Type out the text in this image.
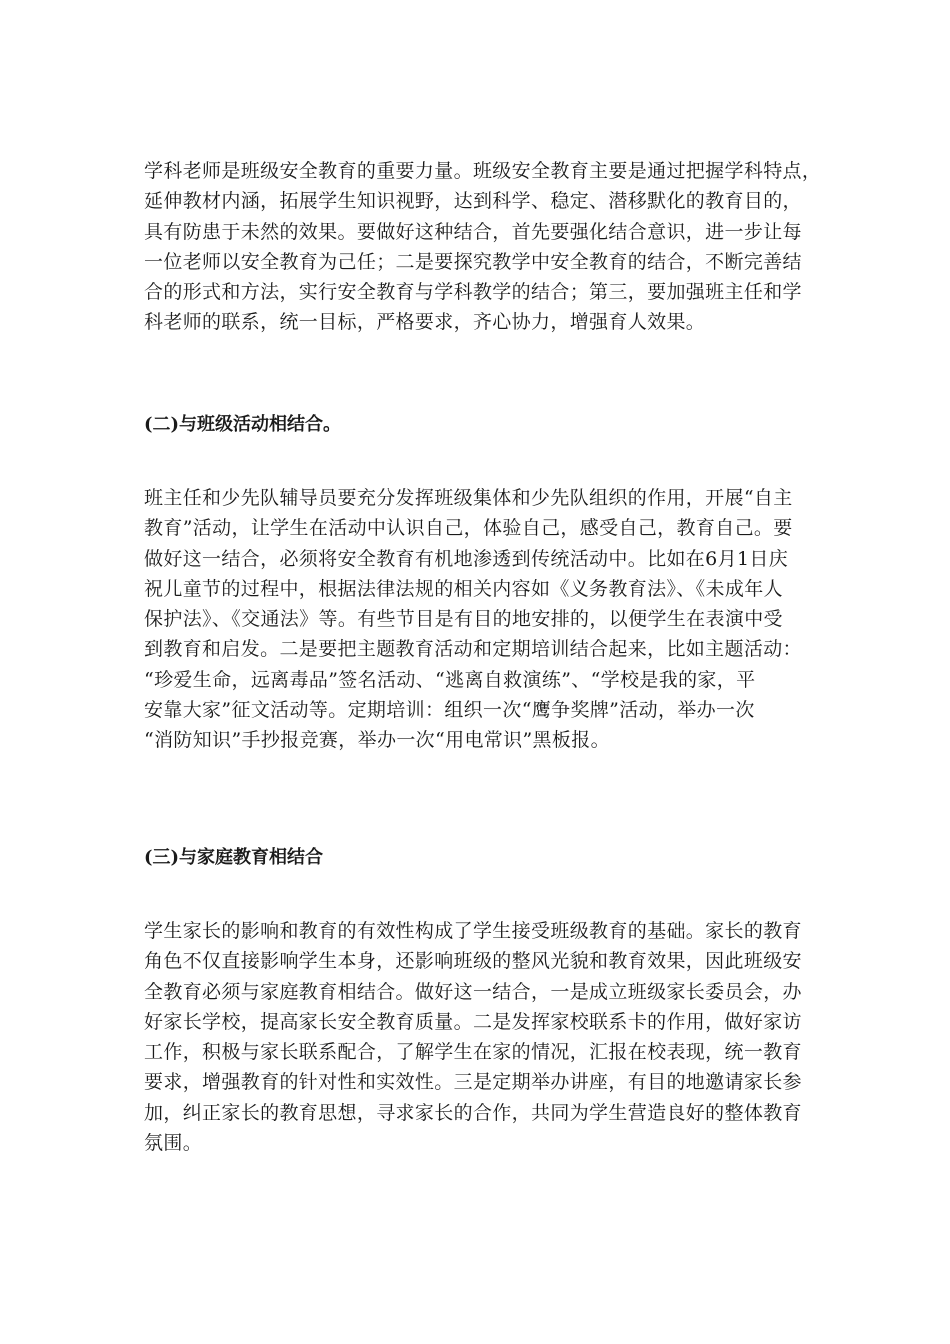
学科老师是班级安全教育的重要力量。班级安全教育主要是通过把握学科特点，
延伸教材内涵，拓展学生知识视野，达到科学、稳定、潜移默化的教育目的，
具有防患于未然的效果。要做好这种结合，首先要强化结合意识，进一步让每
一位老师以安全教育为己任；二是要探究教学中安全教育的结合，不断完善结
合的形式和方法，实行安全教育与学科教学的结合；第三，要加强班主任和学
科老师的联系，统一目标，严格要求，齐心协力，增强育人效果。

(二)与班级活动相结合。

班主任和少先队辅导员要充分发挥班级集体和少先队组织的作用，开展“自主
教育”活动，让学生在活动中认识自己，体验自己，感受自己，教育自己。要
做好这一结合，必须将安全教育有机地渗透到传统活动中。比如在6月1日庆
祝儿童节的过程中，根据法律法规的相关内容如《义务教育法》、《未成年人
保护法》、《交通法》等。有些节目是有目的地安排的，以便学生在表演中受
到教育和启发。二是要把主题教育活动和定期培训结合起来，比如主题活动：
“珍爱生命，远离毒品”签名活动、“逃离自救演练”、“学校是我的家，平
安靠大家”征文活动等。定期培训：组织一次“鹰争奖牌”活动，举办一次
“消防知识”手抄报竞赛，举办一次“用电常识”黑板报。

(三)与家庭教育相结合

学生家长的影响和教育的有效性构成了学生接受班级教育的基础。家长的教育
角色不仅直接影响学生本身，还影响班级的整风光貌和教育效果，因此班级安
全教育必须与家庭教育相结合。做好这一结合，一是成立班级家长委员会，办
好家长学校，提高家长安全教育质量。二是发挥家校联系卡的作用，做好家访
工作，积极与家长联系配合，了解学生在家的情况，汇报在校表现，统一教育
要求，增强教育的针对性和实效性。三是定期举办讲座，有目的地邀请家长参
加，纠正家长的教育思想，寻求家长的合作，共同为学生营造良好的整体教育
氛围。
